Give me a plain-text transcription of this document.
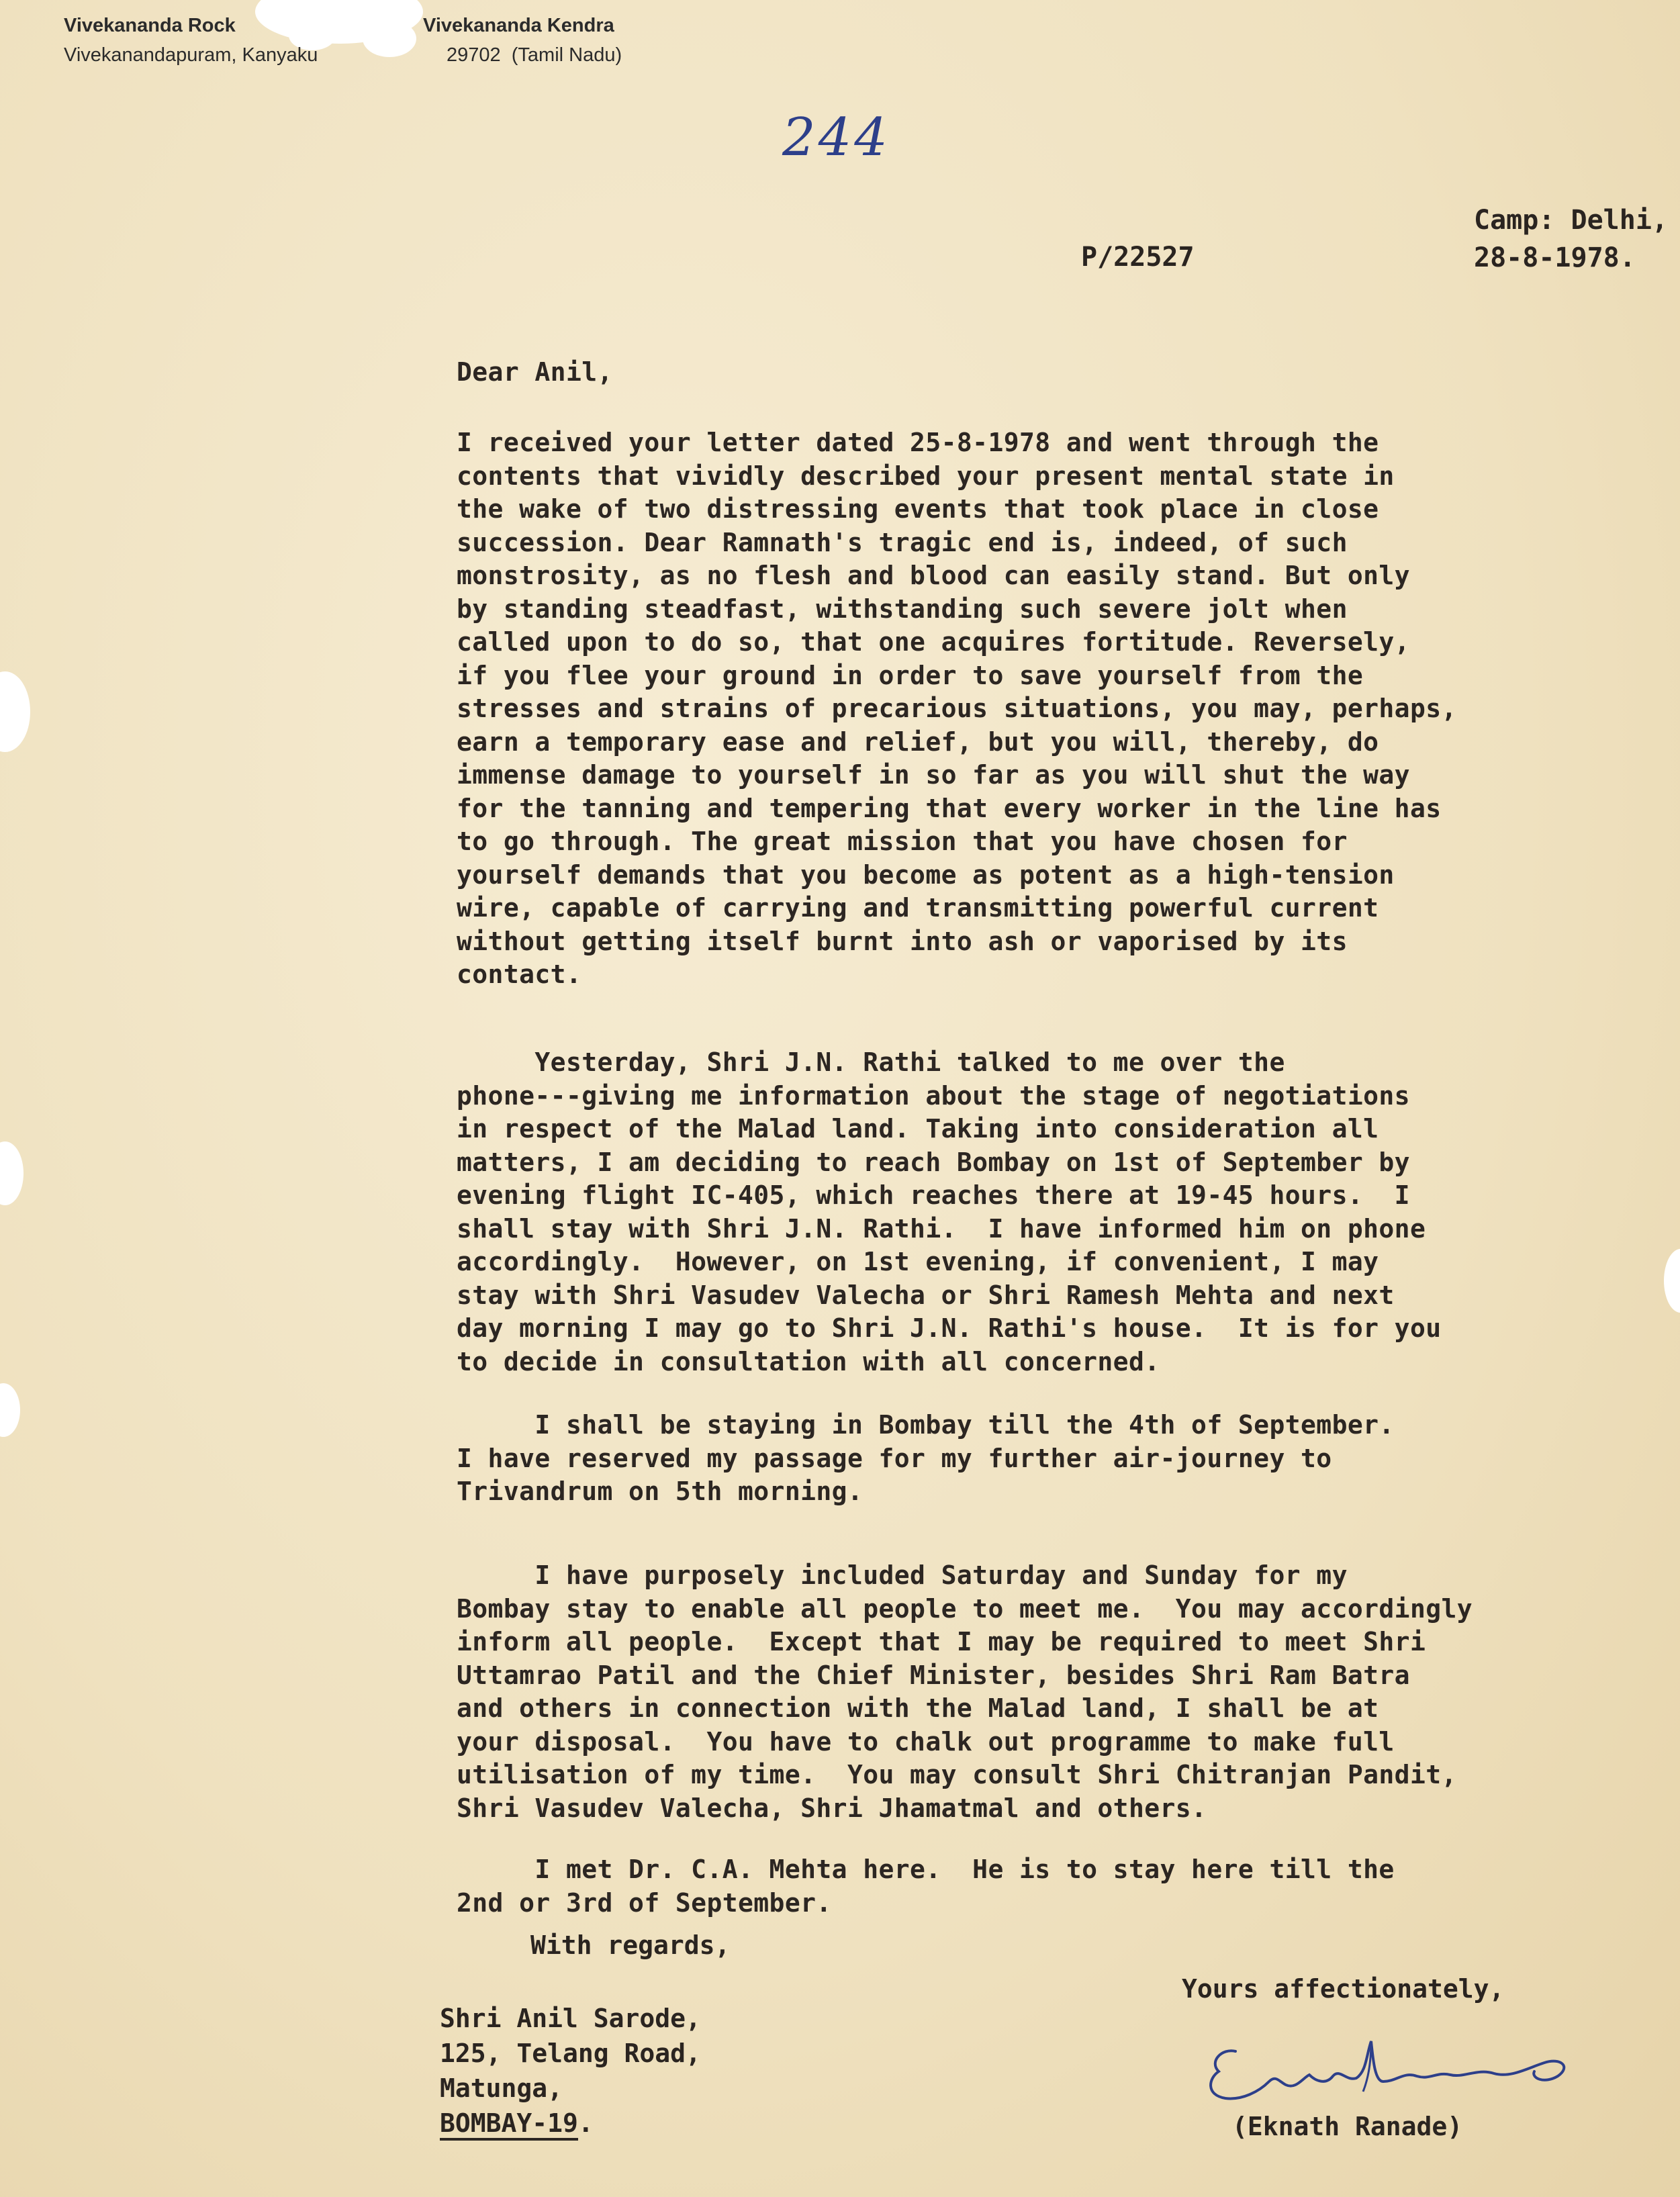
Vivekananda Rock	Vivekananda Kendra
Vivekanandapuram, Kanyaku	29702  (Tamil Nadu)
244
P/22527
Camp: Delhi,
28-8-1978.
Dear Anil,
I received your letter dated 25-8-1978 and went through the
contents that vividly described your present mental state in
the wake of two distressing events that took place in close
succession. Dear Ramnath's tragic end is, indeed, of such
monstrosity, as no flesh and blood can easily stand. But only
by standing steadfast, withstanding such severe jolt when
called upon to do so, that one acquires fortitude. Reversely,
if you flee your ground in order to save yourself from the
stresses and strains of precarious situations, you may, perhaps,
earn a temporary ease and relief, but you will, thereby, do
immense damage to yourself in so far as you will shut the way
for the tanning and tempering that every worker in the line has
to go through. The great mission that you have chosen for
yourself demands that you become as potent as a high-tension
wire, capable of carrying and transmitting powerful current
without getting itself burnt into ash or vaporised by its
contact.
Yesterday, Shri J.N. Rathi talked to me over the
phone---giving me information about the stage of negotiations
in respect of the Malad land. Taking into consideration all
matters, I am deciding to reach Bombay on 1st of September by
evening flight IC-405, which reaches there at 19-45 hours.  I
shall stay with Shri J.N. Rathi.  I have informed him on phone
accordingly.  However, on 1st evening, if convenient, I may
stay with Shri Vasudev Valecha or Shri Ramesh Mehta and next
day morning I may go to Shri J.N. Rathi's house.  It is for you
to decide in consultation with all concerned.
I shall be staying in Bombay till the 4th of September.
I have reserved my passage for my further air-journey to
Trivandrum on 5th morning.
I have purposely included Saturday and Sunday for my
Bombay stay to enable all people to meet me.  You may accordingly
inform all people.  Except that I may be required to meet Shri
Uttamrao Patil and the Chief Minister, besides Shri Ram Batra
and others in connection with the Malad land, I shall be at
your disposal.  You have to chalk out programme to make full
utilisation of my time.  You may consult Shri Chitranjan Pandit,
Shri Vasudev Valecha, Shri Jhamatmal and others.
I met Dr. C.A. Mehta here.  He is to stay here till the
2nd or 3rd of September.
With regards,
Yours affectionately,
Shri Anil Sarode,
125, Telang Road,
Matunga,
BOMBAY-19.	(Eknath Ranade)
